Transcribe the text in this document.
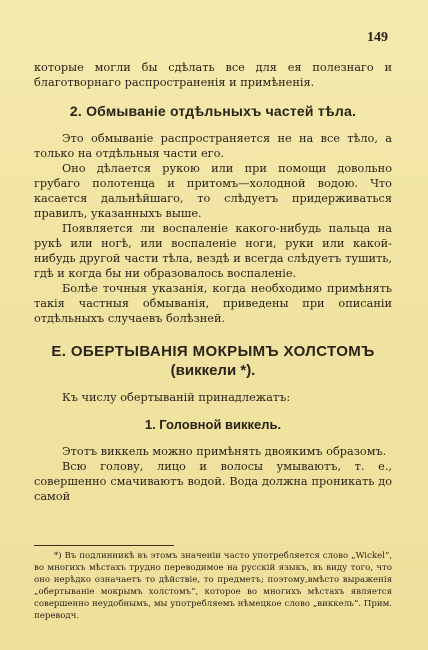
149

которые могли бы сдѣлать все для ея полезнаго и благотворнаго распространенія и примѣненія.

2. Обмываніе отдѣльныхъ частей тѣла.

Это обмываніе распространяется не на все тѣло, а только на отдѣльныя части его.

Оно дѣлается рукою или при помощи довольно грубаго полотенца и притомъ—холодной водою. Что касается дальнѣйшаго, то слѣдуетъ придерживаться правилъ, указанныхъ выше.

Появляется ли воспаленіе какого-нибудь пальца на рукѣ или ногѣ, или воспаленіе ноги, руки или какой-нибудь другой части тѣла, вездѣ и всегда слѣдуетъ тушить, гдѣ и когда бы ни образовалось воспаленіе.

Болѣе точныя указанія, когда необходимо примѣнять такія частныя обмыванія, приведены при описаніи отдѣльныхъ случаевъ болѣзней.

Е. ОБЕРТЫВАНІЯ МОКРЫМЪ ХОЛСТОМЪ

(виккели *).

Къ числу обертываній принадлежатъ:

1. Головной виккель.

Этотъ виккель можно примѣнять двоякимъ образомъ.

Всю голову, лицо и волосы умываютъ, т. е., совершенно смачиваютъ водой. Вода должна проникать до самой

*) Въ подлинникѣ въ этомъ значеніи часто употребляется слово „Wickel“, во многихъ мѣстахъ трудно переводимое на русскій языкъ, въ виду того, что оно нерѣдко означаетъ то дѣйствіе, то предметъ; поэтому,вмѣсто выраженія „обертываніе мокрымъ холстомъ“, которое во многихъ мѣстахъ является совершенно неудобнымъ, мы употребляемъ нѣмецкое слово „виккель“. Прим. переводч.
